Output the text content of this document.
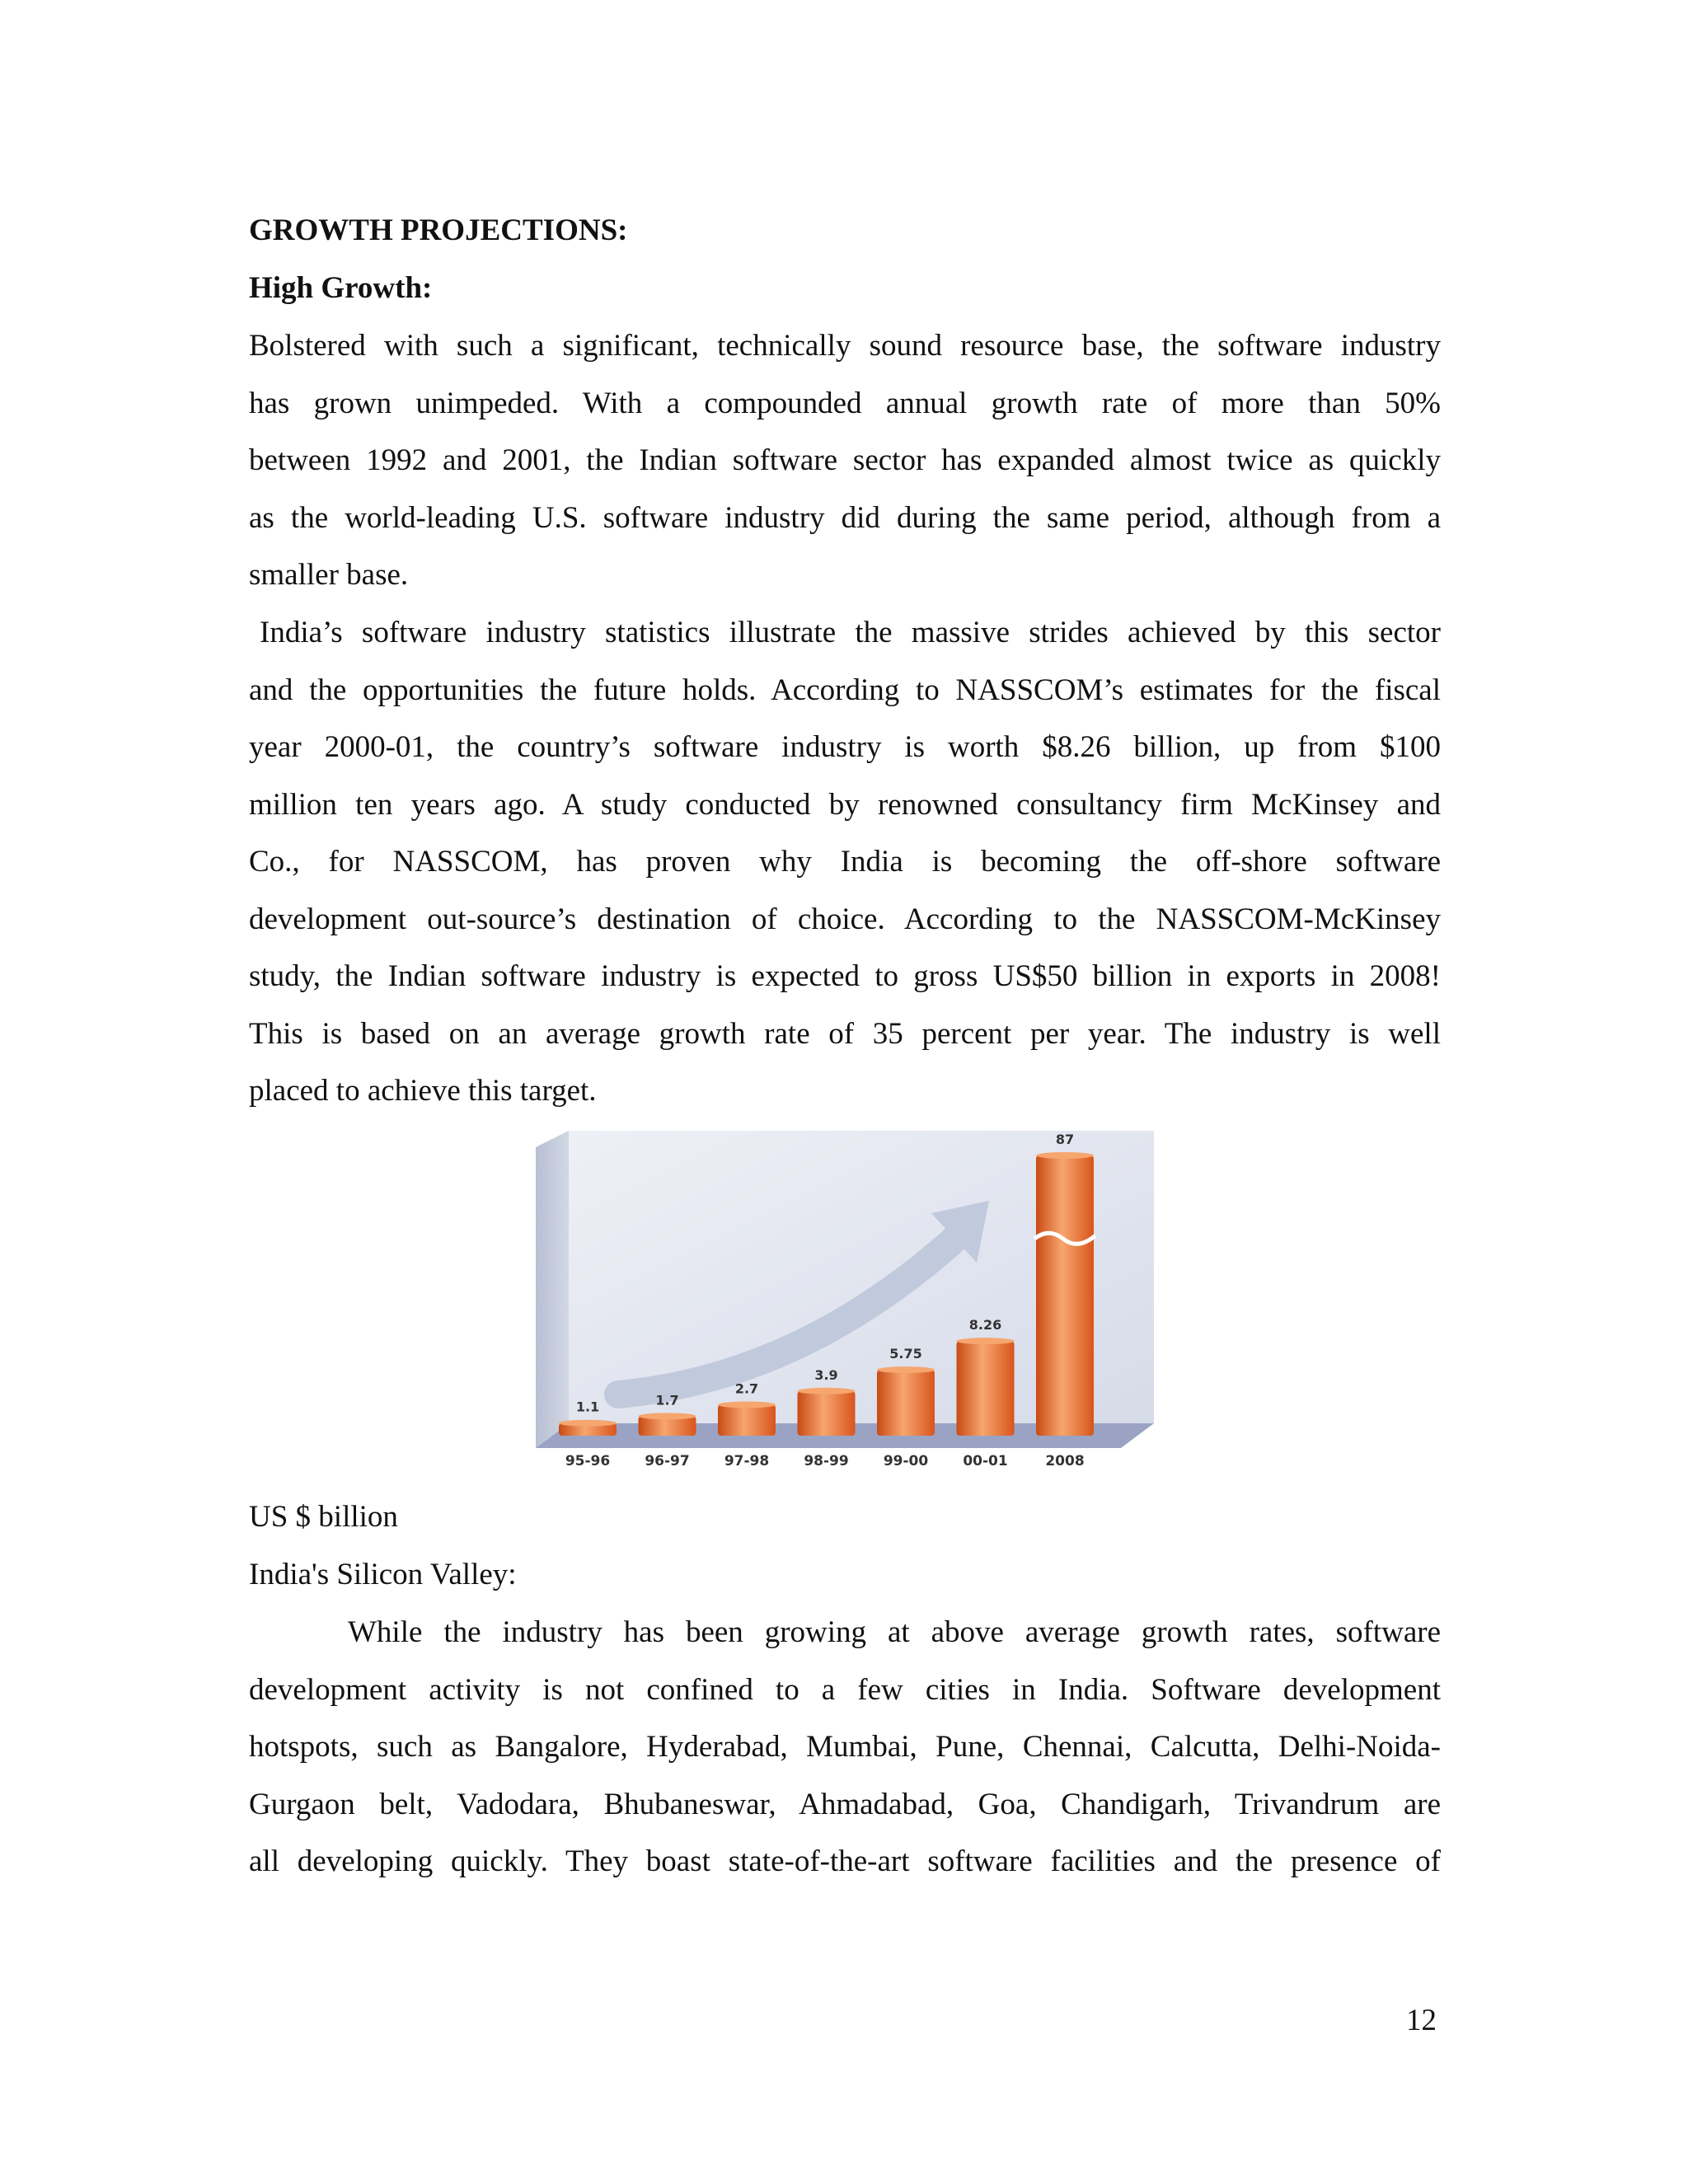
GROWTH PROJECTIONS:
High Growth:
Bolstered with such a significant, technically sound resource base, the software industry
has grown unimpeded. With a compounded annual growth rate of more than 50%
between 1992 and 2001, the Indian software sector has expanded almost twice as quickly
as the world-leading U.S. software industry did during the same period, although from a
smaller base.
India’s software industry statistics illustrate the massive strides achieved by this sector
and the opportunities the future holds. According to NASSCOM’s estimates for the fiscal
year 2000-01, the country’s software industry is worth $8.26 billion, up from $100
million ten years ago. A study conducted by renowned consultancy firm McKinsey and
Co., for NASSCOM, has proven why India is becoming the off-shore software
development out-source’s destination of choice. According to the NASSCOM-McKinsey
study, the Indian software industry is expected to gross US$50 billion in exports in 2008!
This is based on an average growth rate of 35 percent per year. The industry is well
placed to achieve this target.
1.1
95-96
1.7
96-97
2.7
97-98
3.9
98-99
5.75
99-00
8.26
00-01
87
2008
US $ billion
India's Silicon Valley:
While the industry has been growing at above average growth rates, software
development activity is not confined to a few cities in India. Software development
hotspots, such as Bangalore, Hyderabad, Mumbai, Pune, Chennai, Calcutta, Delhi-Noida-
Gurgaon belt, Vadodara, Bhubaneswar, Ahmadabad, Goa, Chandigarh, Trivandrum are
all developing quickly. They boast state-of-the-art software facilities and the presence of
12
